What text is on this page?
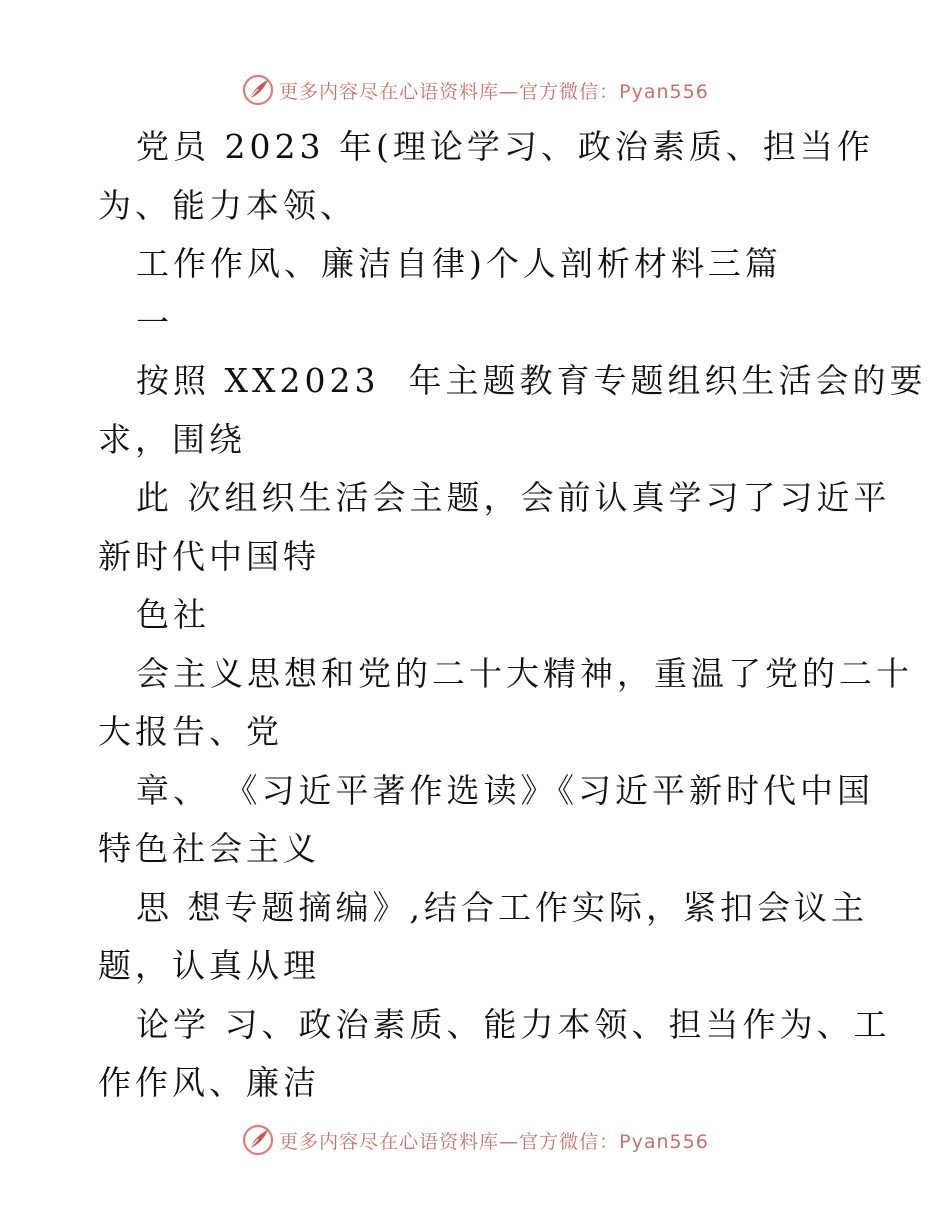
更多内容尽在心语资料库—官方微信：Pyan556

党员 2023 年(理论学习、政治素质、担当作

为、能力本领、

工作作风、廉洁自律)个人剖析材料三篇

一

按照 XX2023  年主题教育专题组织生活会的要

求，围绕

此 次组织生活会主题，会前认真学习了习近平

新时代中国特

色社

会主义思想和党的二十大精神，重温了党的二十

大报告、党

章、 《习近平著作选读》《习近平新时代中国

特色社会主义

思 想专题摘编》,结合工作实际，紧扣会议主

题，认真从理

论学 习、政治素质、能力本领、担当作为、工

作作风、廉洁

更多内容尽在心语资料库—官方微信：Pyan556
